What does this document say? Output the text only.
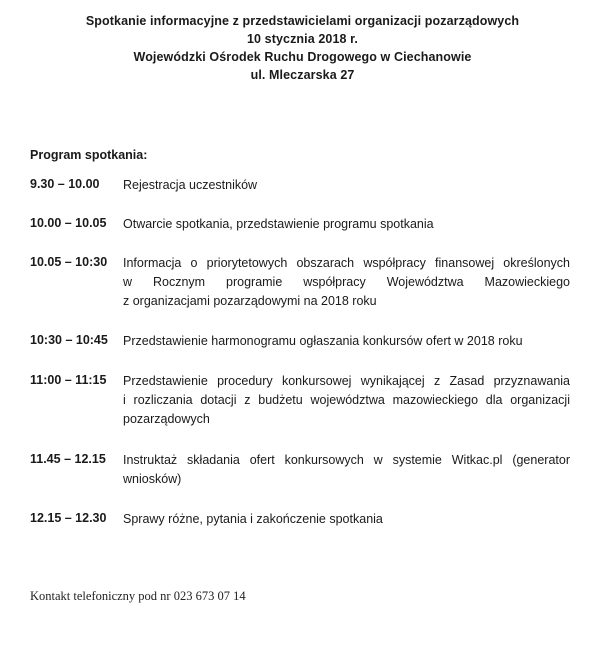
Spotkanie informacyjne z przedstawicielami organizacji pozarządowych
10 stycznia 2018 r.
Wojewódzki Ośrodek Ruchu Drogowego w Ciechanowie
ul. Mleczarska 27
Program spotkania:
9.30 – 10.00	Rejestracja uczestników
10.00 – 10.05	Otwarcie spotkania, przedstawienie programu spotkania
10.05 – 10:30	Informacja o priorytetowych obszarach współpracy finansowej określonych
w Rocznym programie współpracy Województwa Mazowieckiego
z organizacjami pozarządowymi na 2018 roku
10:30 – 10:45	Przedstawienie harmonogramu ogłaszania konkursów ofert w 2018 roku
11:00 – 11:15	Przedstawienie procedury konkursowej wynikającej z Zasad przyznawania
i rozliczania dotacji z budżetu województwa mazowieckiego dla organizacji
pozarządowych
11.45 – 12.15	Instruktaż składania ofert konkursowych w systemie Witkac.pl (generator
wniosków)
12.15 – 12.30	Sprawy różne, pytania i zakończenie spotkania
Kontakt telefoniczny pod nr 023 673 07 14
